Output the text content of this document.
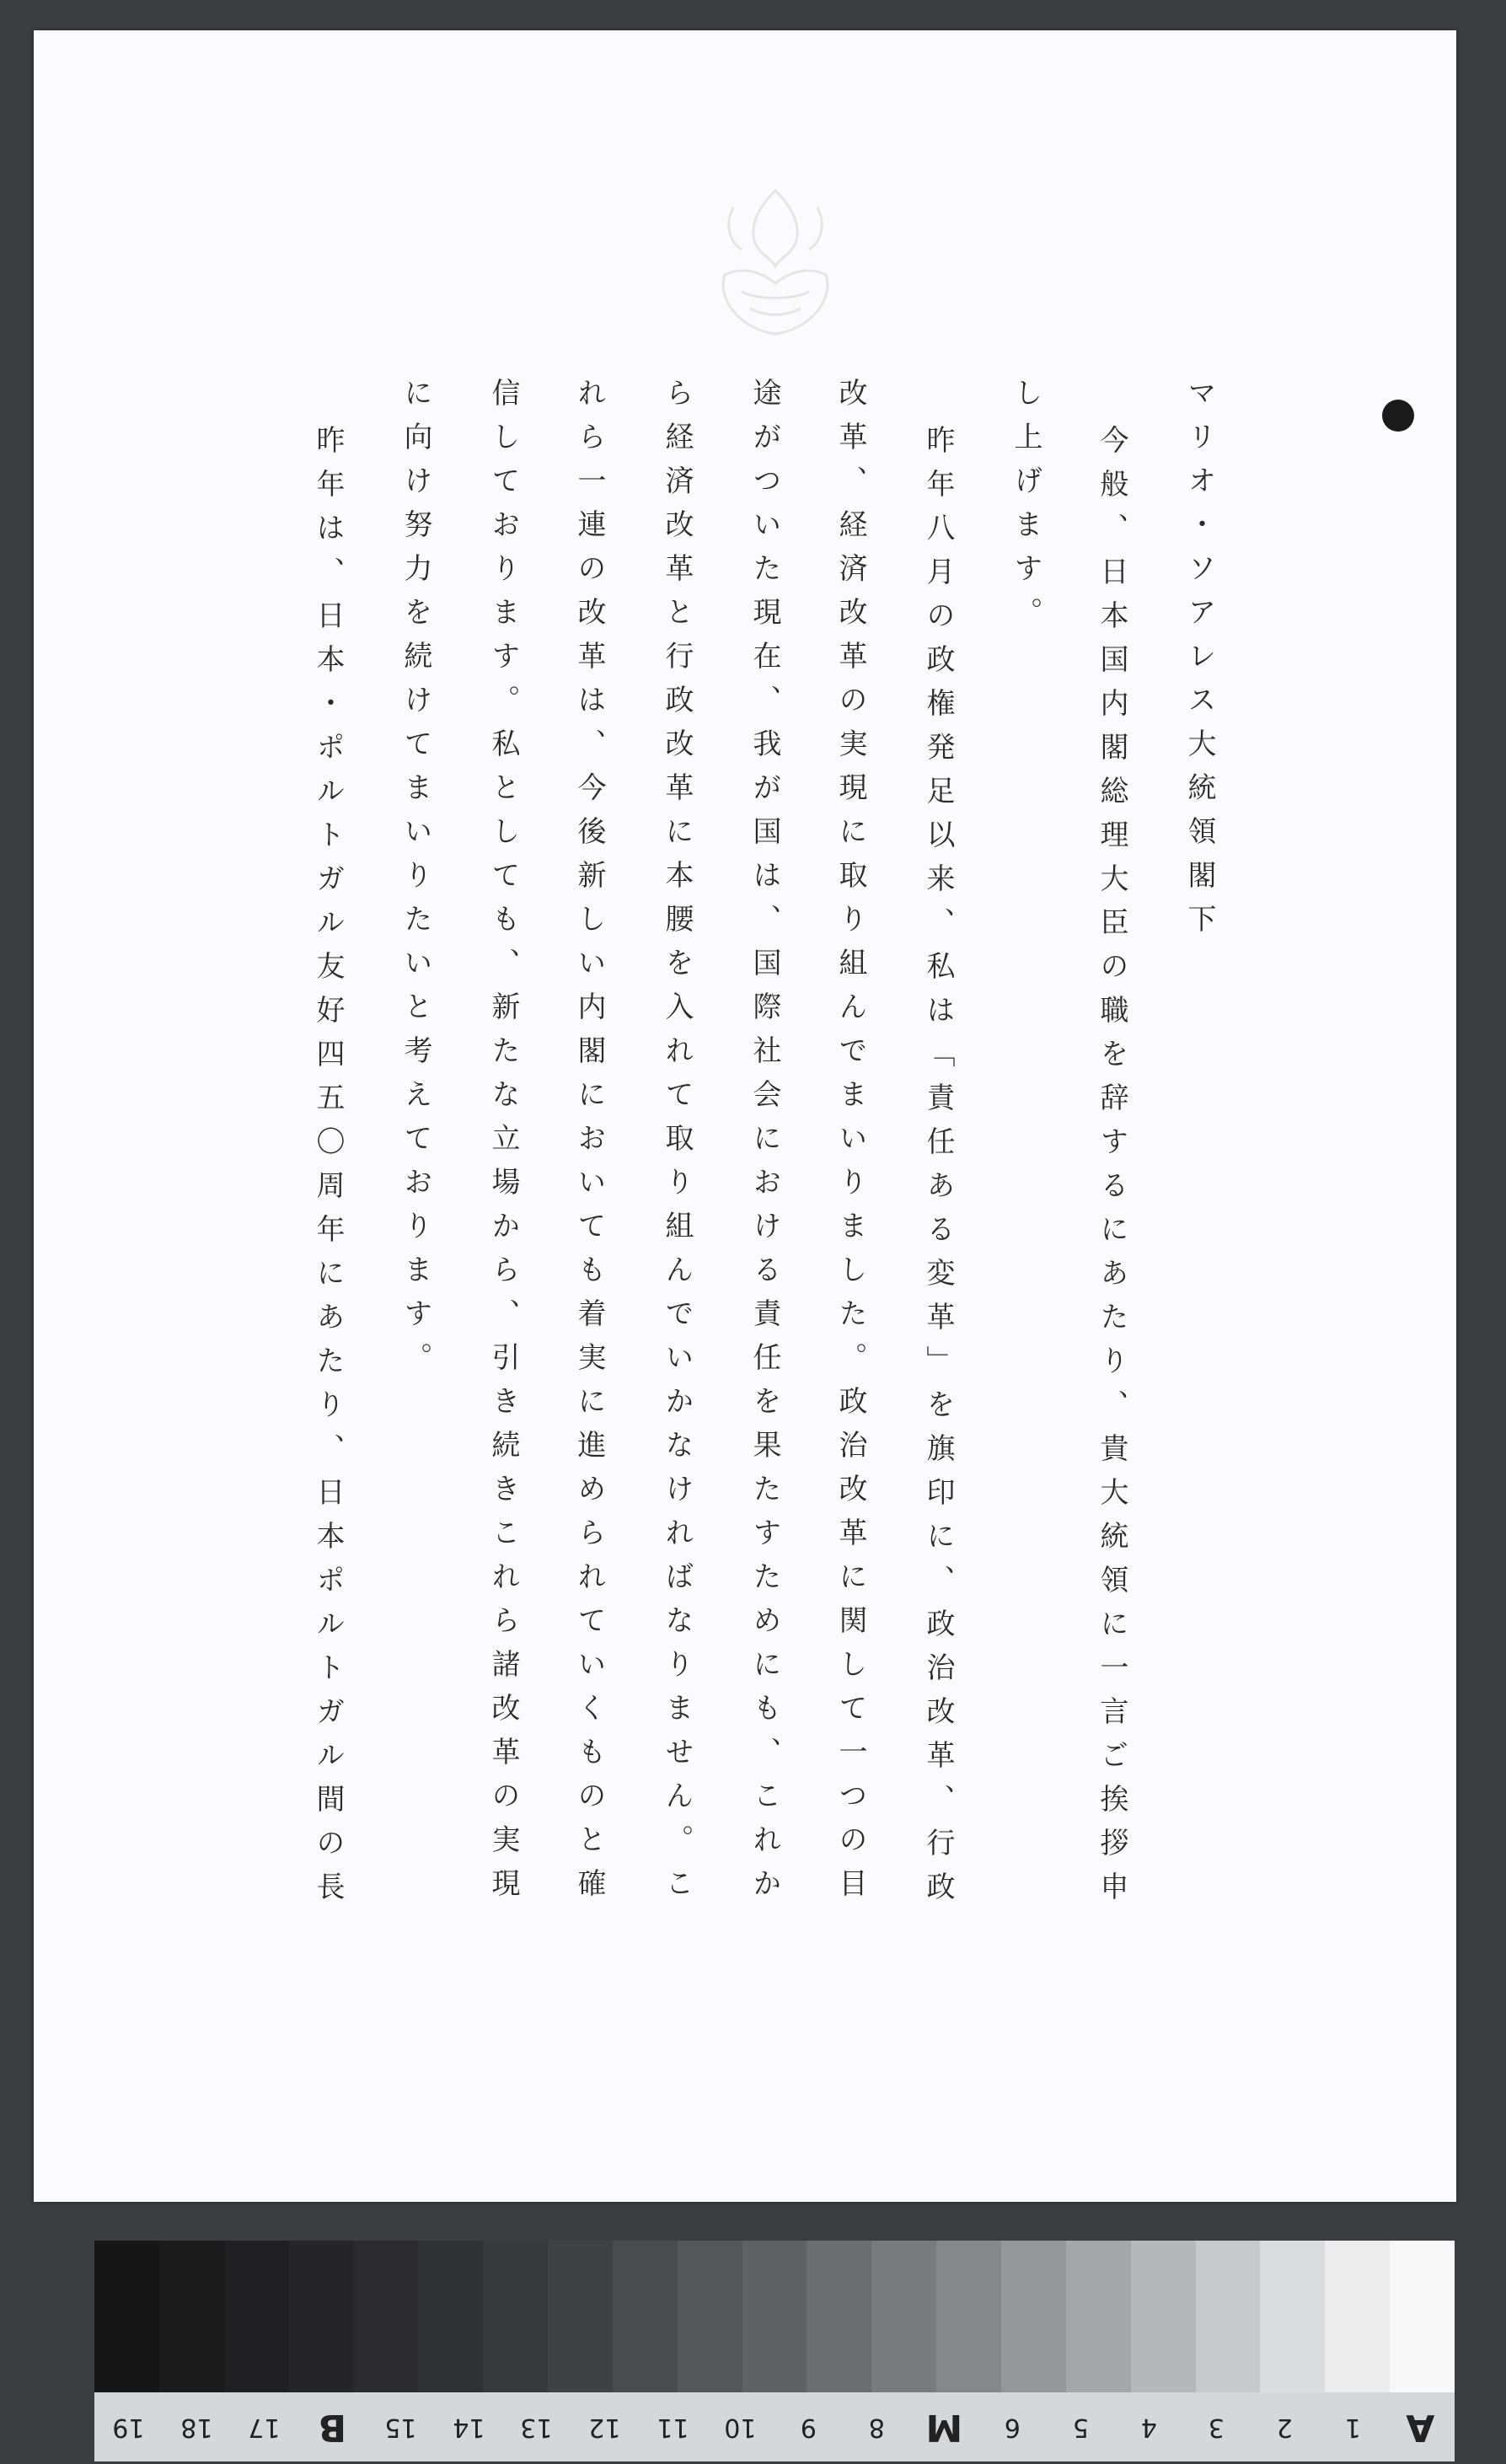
マリオ・ソアレス大統領閣下
今般、日本国内閣総理大臣の職を辞するにあたり、貴大統領に一言ご挨拶申
し上げます。
昨年八月の政権発足以来、私は「責任ある変革」を旗印に、政治改革、行政
改革、経済改革の実現に取り組んでまいりました。政治改革に関して一つの目
途がついた現在、我が国は、国際社会における責任を果たすためにも、これか
ら経済改革と行政改革に本腰を入れて取り組んでいかなければなりません。こ
れら一連の改革は、今後新しい内閣においても着実に進められていくものと確
信しております。私としても、新たな立場から、引き続きこれら諸改革の実現
に向け努力を続けてまいりたいと考えております。
昨年は、日本・ポルトガル友好四五〇周年にあたり、日本ポルトガル間の長
19	18	17	B	15	14	13	12	11	10	9	8	M	6	5	4	3	2	1	A
